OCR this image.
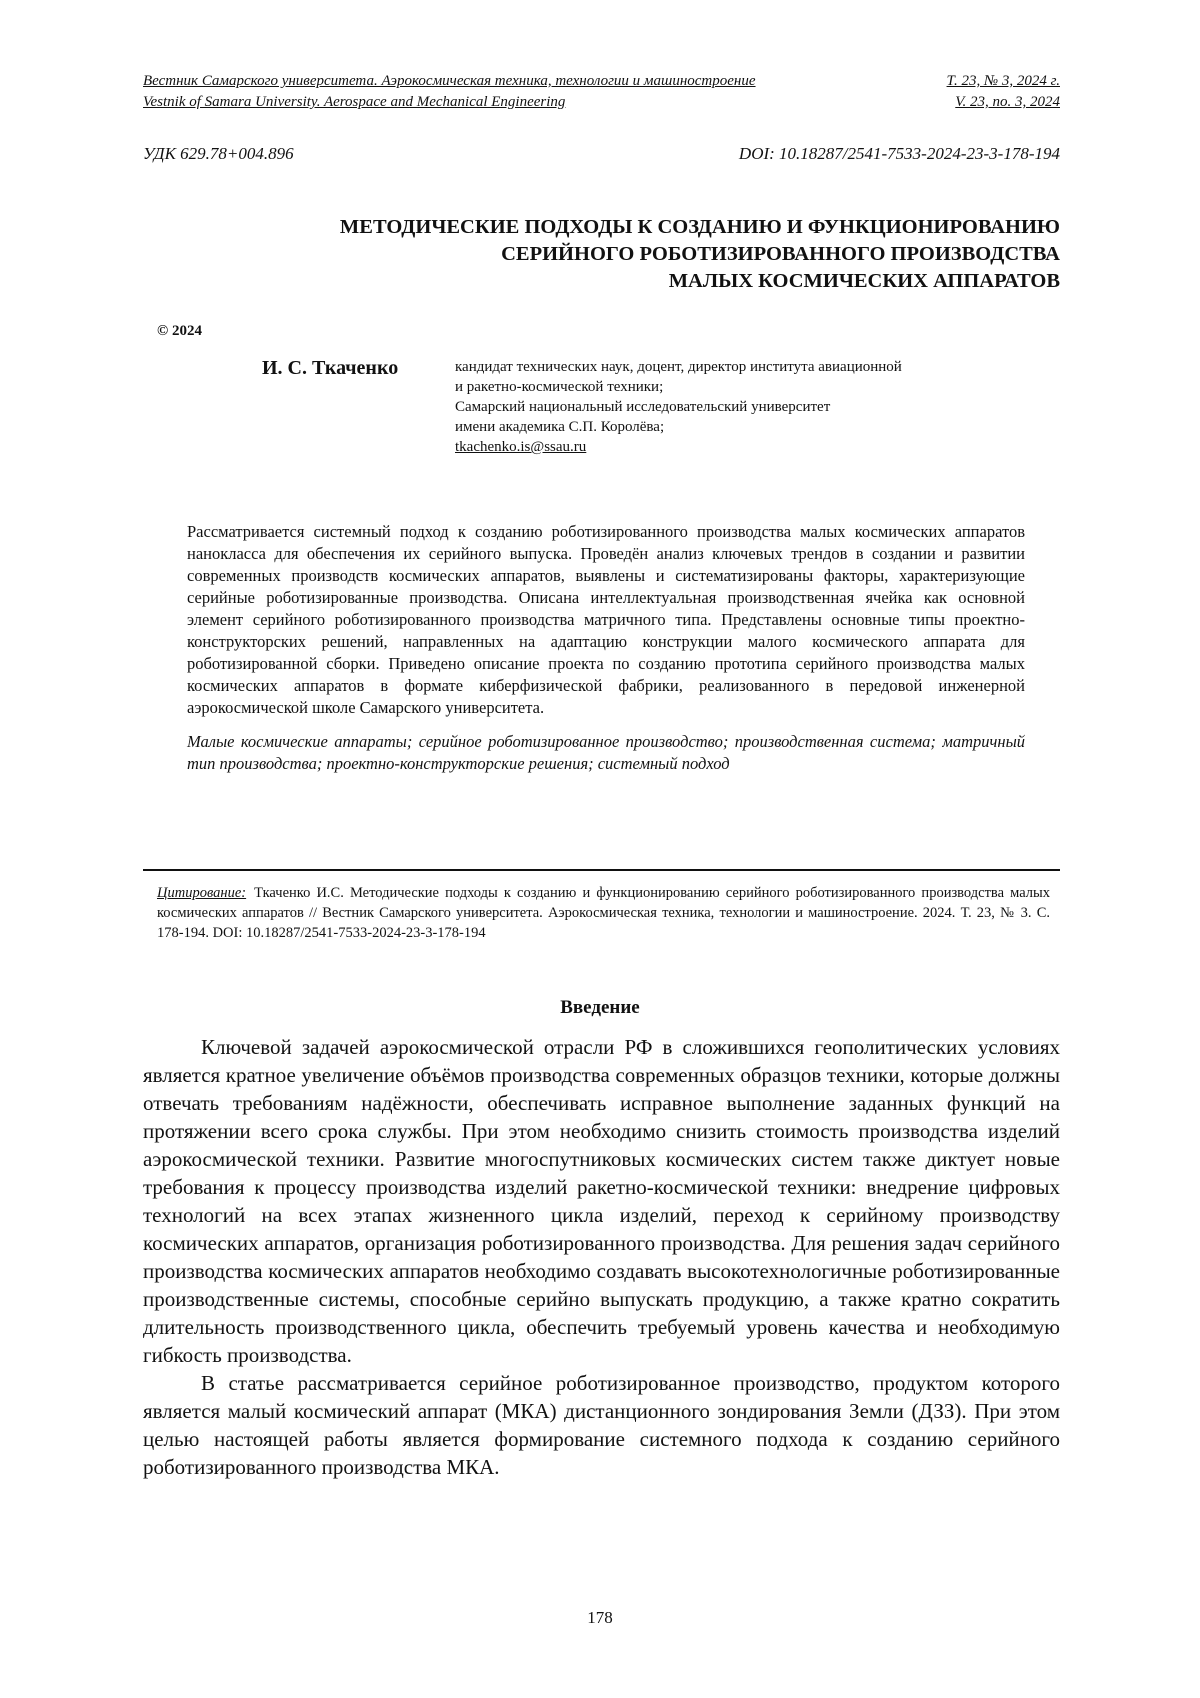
Вестник Самарского университета. Аэрокосмическая техника, технологии и машиностроение	Т. 23, № 3, 2024 г.
Vestnik of Samara University. Aerospace and Mechanical Engineering	V. 23, no. 3, 2024
УДК 629.78+004.896	DOI: 10.18287/2541-7533-2024-23-3-178-194
МЕТОДИЧЕСКИЕ ПОДХОДЫ К СОЗДАНИЮ И ФУНКЦИОНИРОВАНИЮ
СЕРИЙНОГО РОБОТИЗИРОВАННОГО ПРОИЗВОДСТВА
МАЛЫХ КОСМИЧЕСКИХ АППАРАТОВ
© 2024
И. С. Ткаченко	кандидат технических наук, доцент, директор института авиационной
и ракетно-космической техники;
Самарский национальный исследовательский университет
имени академика С.П. Королёва;
tkachenko.is@ssau.ru

Рассматривается системный подход к созданию роботизированного производства малых космических аппаратов нанокласса для обеспечения их серийного выпуска. Проведён анализ ключевых трендов в создании и развитии современных производств космических аппаратов, выявлены и систематизированы факторы, характеризующие серийные роботизированные производства. Описана интеллектуальная производственная ячейка как основной элемент серийного роботизированного производства матричного типа. Представлены основные типы проектно-конструкторских решений, направленных на адаптацию конструкции малого космического аппарата для роботизированной сборки. Приведено описание проекта по созданию прототипа серийного производства малых космических аппаратов в формате киберфизической фабрики, реализованного в передовой инженерной аэрокосмической школе Самарского университета.

Малые космические аппараты; серийное роботизированное производство; производственная система; матричный тип производства; проектно-конструкторские решения; системный подход

Цитирование: Ткаченко И.С. Методические подходы к созданию и функционированию серийного роботизированного производства малых космических аппаратов // Вестник Самарского университета. Аэрокосмическая техника, технологии и машиностроение. 2024. Т. 23, № 3. С. 178-194. DOI: 10.18287/2541-7533-2024-23-3-178-194
Введение

Ключевой задачей аэрокосмической отрасли РФ в сложившихся геополитических условиях является кратное увеличение объёмов производства современных образцов техники, которые должны отвечать требованиям надёжности, обеспечивать исправное выполнение заданных функций на протяжении всего срока службы. При этом необходимо снизить стоимость производства изделий аэрокосмической техники. Развитие многоспутниковых космических систем также диктует новые требования к процессу производства изделий ракетно-космической техники: внедрение цифровых технологий на всех этапах жизненного цикла изделий, переход к серийному производству космических аппаратов, организация роботизированного производства. Для решения задач серийного производства космических аппаратов необходимо создавать высокотехнологичные роботизированные производственные системы, способные серийно выпускать продукцию, а также кратно сократить длительность производственного цикла, обеспечить требуемый уровень качества и необходимую гибкость производства.

В статье рассматривается серийное роботизированное производство, продуктом которого является малый космический аппарат (МКА) дистанционного зондирования Земли (ДЗЗ). При этом целью настоящей работы является формирование системного подхода к созданию серийного роботизированного производства МКА.

178
